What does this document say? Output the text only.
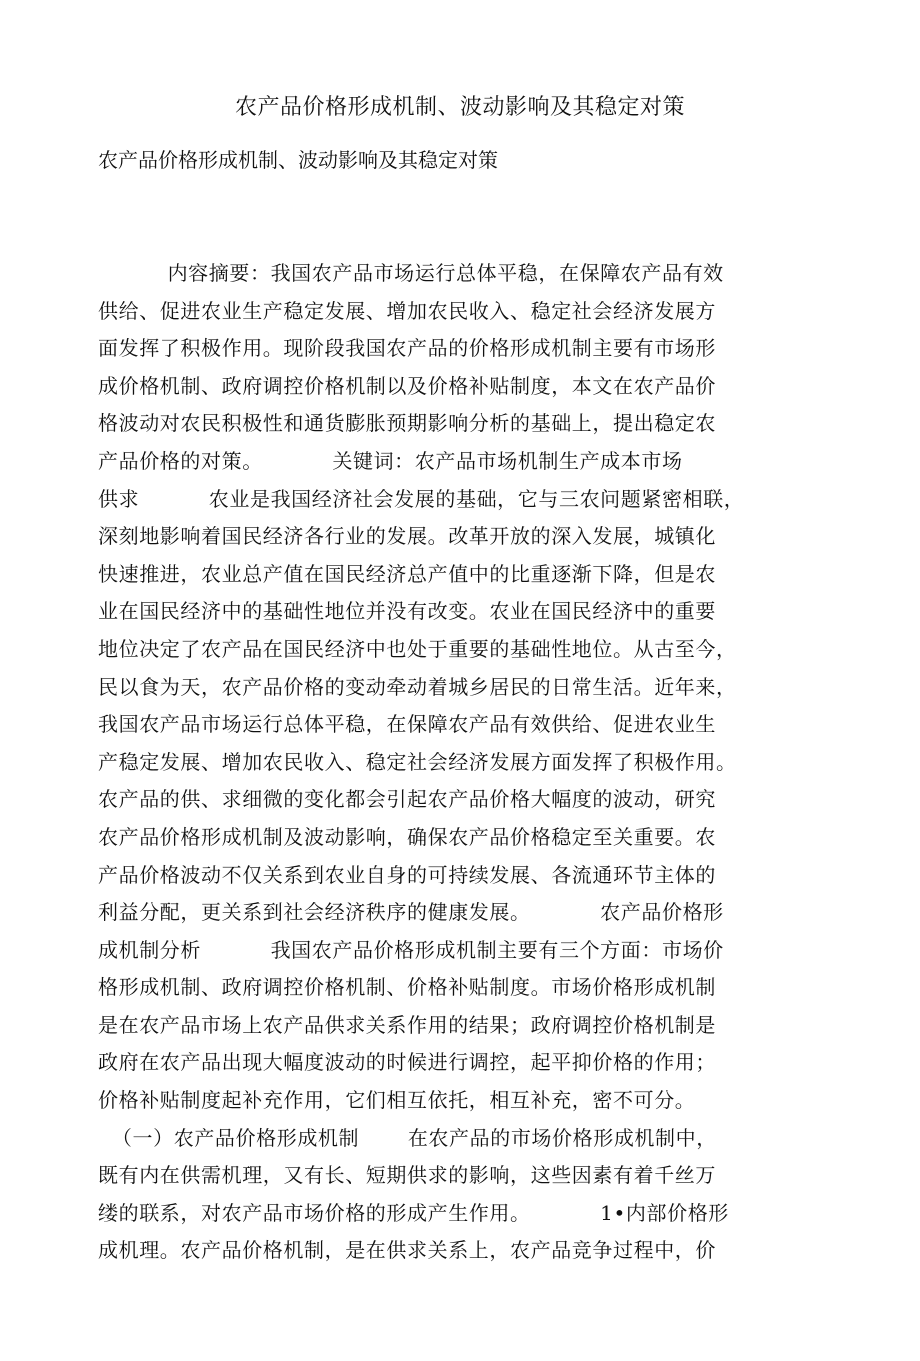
农产品价格形成机制、波动影响及其稳定对策
农产品价格形成机制、波动影响及其稳定对策
内容摘要：我国农产品市场运行总体平稳，在保障农产品有效
供给、促进农业生产稳定发展、增加农民收入、稳定社会经济发展方
面发挥了积极作用。现阶段我国农产品的价格形成机制主要有市场形
成价格机制、政府调控价格机制以及价格补贴制度，本文在农产品价
格波动对农民积极性和通货膨胀预期影响分析的基础上，提出稳定农
产品价格的对策。          关键词：农产品市场机制生产成本市场
供求          农业是我国经济社会发展的基础，它与三农问题紧密相联，
深刻地影响着国民经济各行业的发展。改革开放的深入发展，城镇化
快速推进，农业总产值在国民经济总产值中的比重逐渐下降，但是农
业在国民经济中的基础性地位并没有改变。农业在国民经济中的重要
地位决定了农产品在国民经济中也处于重要的基础性地位。从古至今，
民以食为天，农产品价格的变动牵动着城乡居民的日常生活。近年来，
我国农产品市场运行总体平稳，在保障农产品有效供给、促进农业生
产稳定发展、增加农民收入、稳定社会经济发展方面发挥了积极作用。
农产品的供、求细微的变化都会引起农产品价格大幅度的波动，研究
农产品价格形成机制及波动影响，确保农产品价格稳定至关重要。农
产品价格波动不仅关系到农业自身的可持续发展、各流通环节主体的
利益分配，更关系到社会经济秩序的健康发展。          农产品价格形
成机制分析          我国农产品价格形成机制主要有三个方面：市场价
格形成机制、政府调控价格机制、价格补贴制度。市场价格形成机制
是在农产品市场上农产品供求关系作用的结果；政府调控价格机制是
政府在农产品出现大幅度波动的时候进行调控，起平抑价格的作用；
价格补贴制度起补充作用，它们相互依托，相互补充，密不可分。
（一）农产品价格形成机制       在农产品的市场价格形成机制中，
既有内在供需机理，又有长、短期供求的影响，这些因素有着千丝万
缕的联系，对农产品市场价格的形成产生作用。          1•内部价格形
成机理。农产品价格机制，是在供求关系上，农产品竞争过程中，价
